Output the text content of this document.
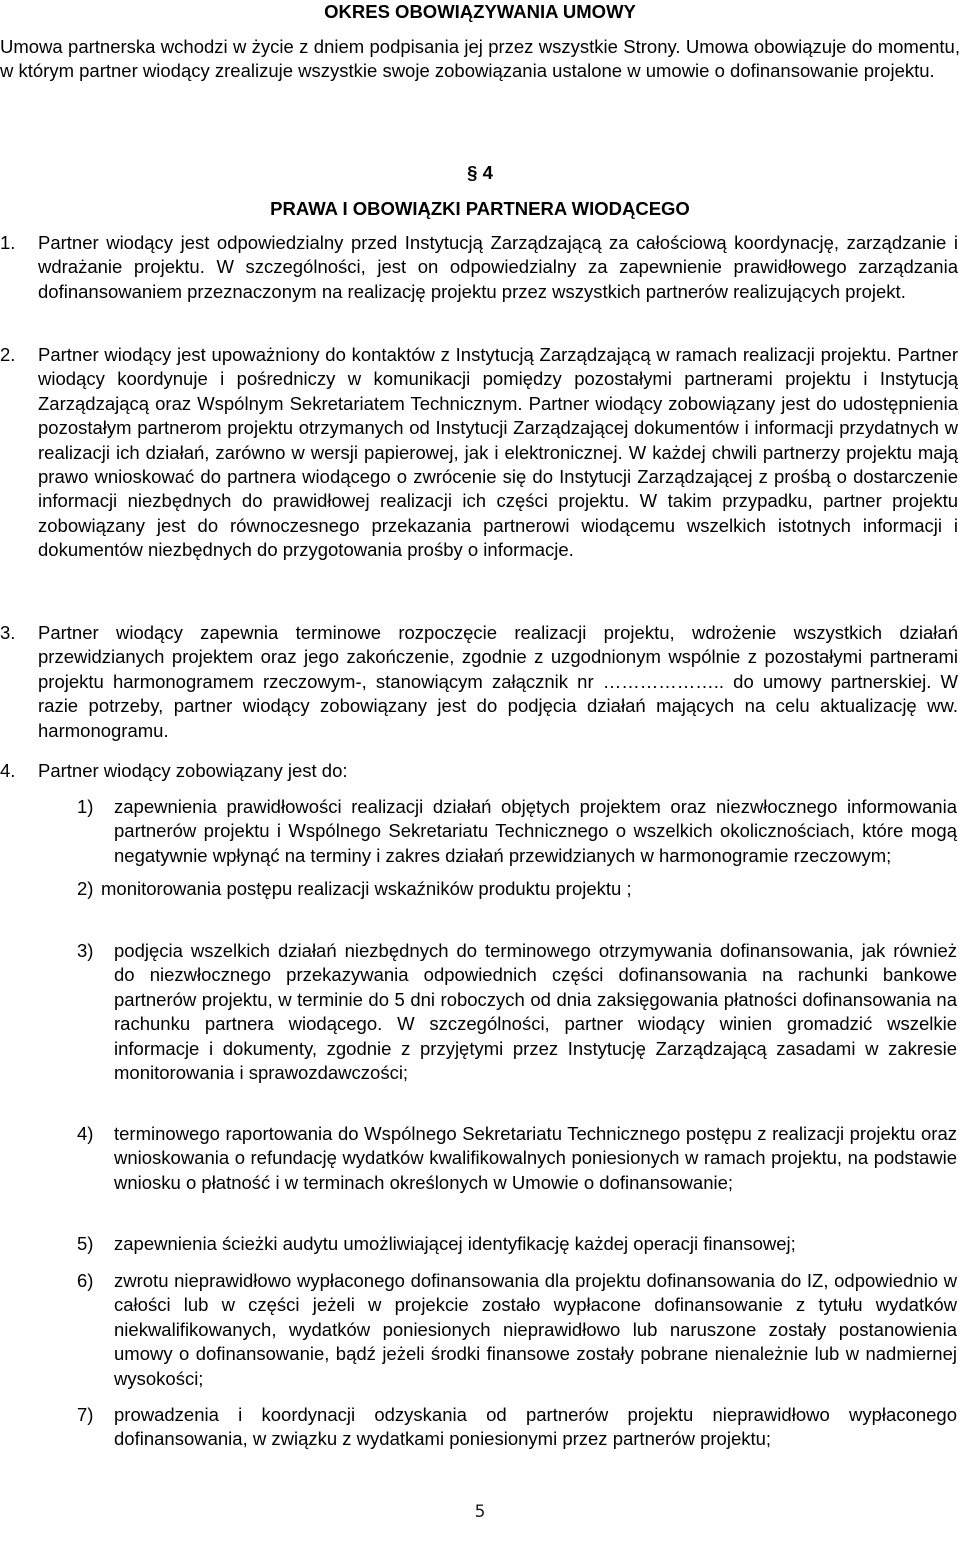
OKRES OBOWIĄZYWANIA UMOWY

Umowa partnerska wchodzi w życie z dniem podpisania jej przez wszystkie Strony. Umowa obowiązuje do momentu, w którym partner wiodący zrealizuje wszystkie swoje zobowiązania ustalone w umowie o dofinansowanie projektu.

§ 4
PRAWA I OBOWIĄZKI PARTNERA WIODĄCEGO
1. Partner wiodący jest odpowiedzialny przed Instytucją Zarządzającą za całościową koordynację, zarządzanie i wdrażanie projektu. W szczególności, jest on odpowiedzialny za zapewnienie prawidłowego zarządzania dofinansowaniem przeznaczonym na realizację projektu przez wszystkich partnerów realizujących projekt.
2. Partner wiodący jest upoważniony do kontaktów z Instytucją Zarządzającą w ramach realizacji projektu. Partner wiodący koordynuje i pośredniczy w komunikacji pomiędzy pozostałymi partnerami projektu i Instytucją Zarządzającą oraz Wspólnym Sekretariatem Technicznym. Partner wiodący zobowiązany jest do udostępnienia pozostałym partnerom projektu otrzymanych od Instytucji Zarządzającej dokumentów i informacji przydatnych w realizacji ich działań, zarówno w wersji papierowej, jak i elektronicznej. W każdej chwili partnerzy projektu mają prawo wnioskować do partnera wiodącego o zwrócenie się do Instytucji Zarządzającej z prośbą o dostarczenie informacji niezbędnych do prawidłowej realizacji ich części projektu. W takim przypadku, partner projektu zobowiązany jest do równoczesnego przekazania partnerowi wiodącemu wszelkich istotnych informacji i dokumentów niezbędnych do przygotowania prośby o informacje.
3. Partner wiodący zapewnia terminowe rozpoczęcie realizacji projektu, wdrożenie wszystkich działań przewidzianych projektem oraz jego zakończenie, zgodnie z uzgodnionym wspólnie z pozostałymi partnerami projektu harmonogramem rzeczowym-, stanowiącym załącznik nr ……………….. do umowy partnerskiej. W razie potrzeby, partner wiodący zobowiązany jest do podjęcia działań mających na celu aktualizację ww. harmonogramu.
4. Partner wiodący zobowiązany jest do:
1) zapewnienia prawidłowości realizacji działań objętych projektem oraz niezwłocznego informowania partnerów projektu i Wspólnego Sekretariatu Technicznego o wszelkich okolicznościach, które mogą negatywnie wpłynąć na terminy i zakres działań przewidzianych w harmonogramie rzeczowym;
2) monitorowania postępu realizacji wskaźników produktu projektu ;
3) podjęcia wszelkich działań niezbędnych do terminowego otrzymywania dofinansowania, jak również do niezwłocznego przekazywania odpowiednich części dofinansowania na rachunki bankowe partnerów projektu, w terminie do 5 dni roboczych od dnia zaksięgowania płatności dofinansowania na rachunku partnera wiodącego. W szczególności, partner wiodący winien gromadzić wszelkie informacje i dokumenty, zgodnie z przyjętymi przez Instytucję Zarządzającą zasadami w zakresie monitorowania i sprawozdawczości;
4) terminowego raportowania do Wspólnego Sekretariatu Technicznego postępu z realizacji projektu oraz wnioskowania o refundację wydatków kwalifikowalnych poniesionych w ramach projektu, na podstawie wniosku o płatność i w terminach określonych w Umowie o dofinansowanie;
5) zapewnienia ścieżki audytu umożliwiającej identyfikację każdej operacji finansowej;
6) zwrotu nieprawidłowo wypłaconego dofinansowania dla projektu dofinansowania do IZ, odpowiednio w całości lub w części jeżeli w projekcie zostało wypłacone dofinansowanie z tytułu wydatków niekwalifikowanych, wydatków poniesionych nieprawidłowo lub naruszone zostały postanowienia umowy o dofinansowanie, bądź jeżeli środki finansowe zostały pobrane nienależnie lub w nadmiernej wysokości;
7) prowadzenia i koordynacji odzyskania od partnerów projektu nieprawidłowo wypłaconego dofinansowania, w związku z wydatkami poniesionymi przez partnerów projektu;
5
